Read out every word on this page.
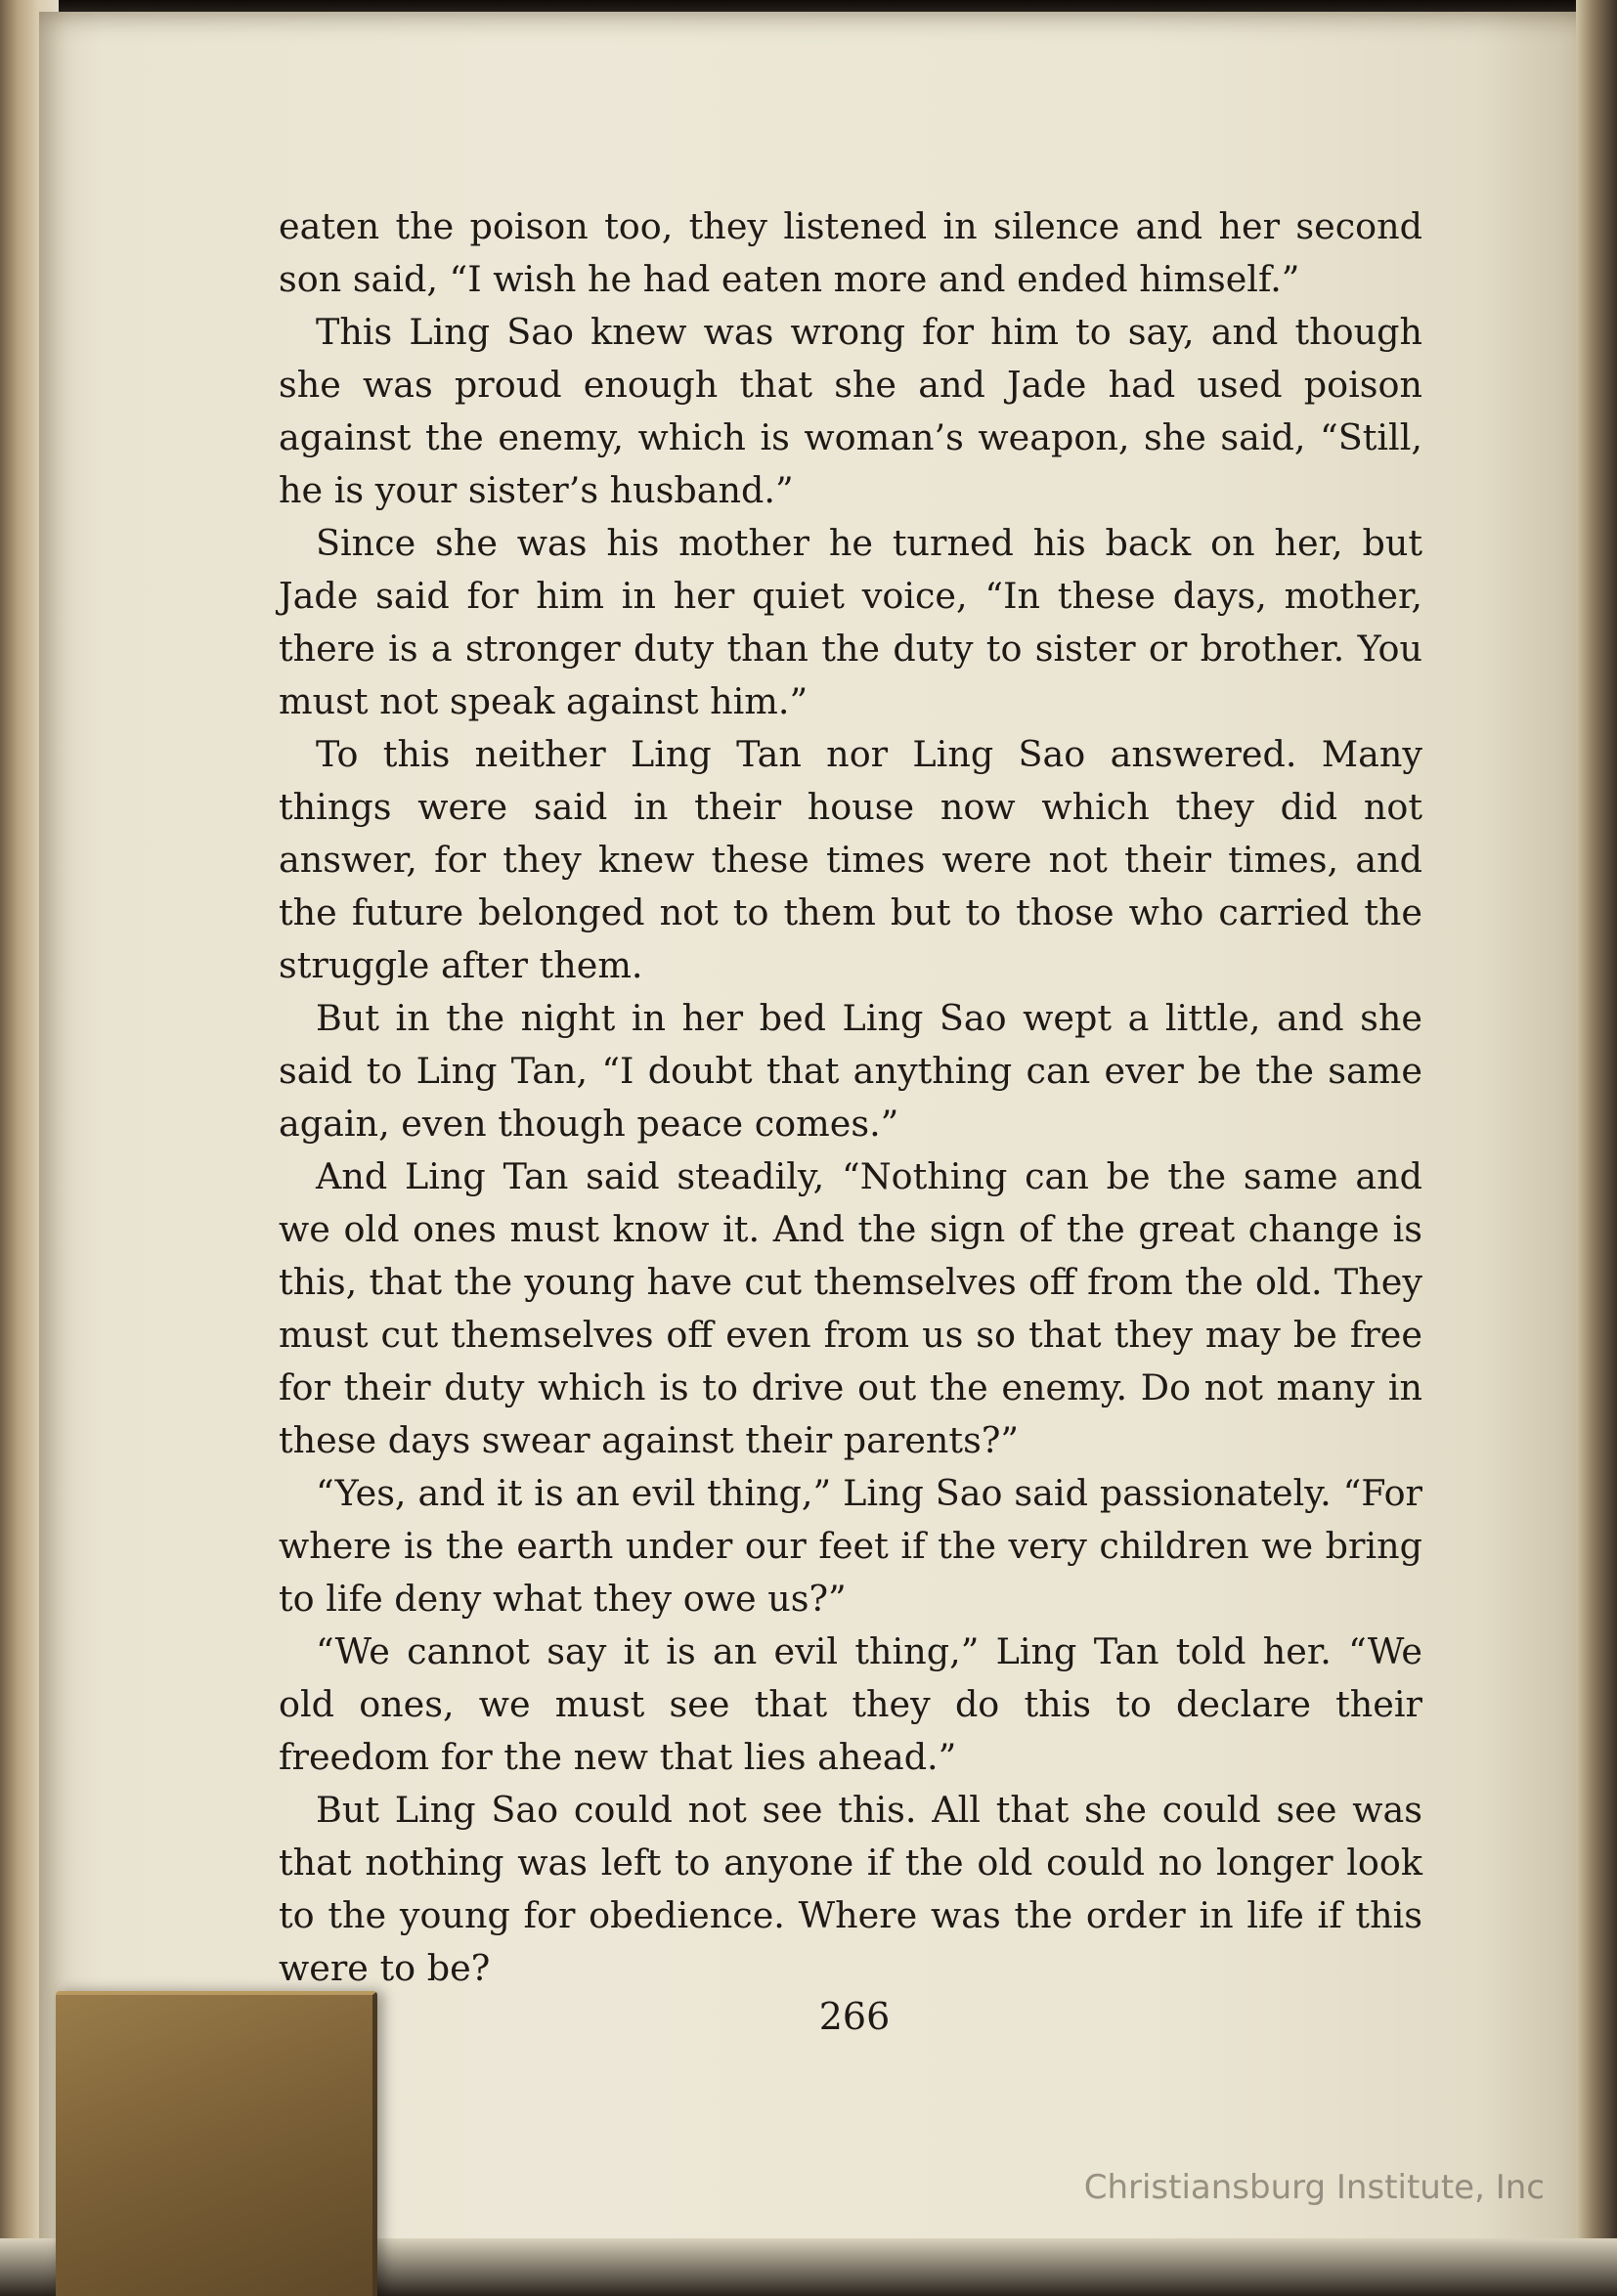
eaten the poison too, they listened in silence and her second son said, “I wish he had eaten more and ended himself.”

This Ling Sao knew was wrong for him to say, and though she was proud enough that she and Jade had used poison against the enemy, which is woman’s weapon, she said, “Still, he is your sister’s husband.”

Since she was his mother he turned his back on her, but Jade said for him in her quiet voice, “In these days, mother, there is a stronger duty than the duty to sister or brother. You must not speak against him.”

To this neither Ling Tan nor Ling Sao answered. Many things were said in their house now which they did not answer, for they knew these times were not their times, and the future belonged not to them but to those who carried the struggle after them.

But in the night in her bed Ling Sao wept a little, and she said to Ling Tan, “I doubt that anything can ever be the same again, even though peace comes.”

And Ling Tan said steadily, “Nothing can be the same and we old ones must know it. And the sign of the great change is this, that the young have cut themselves off from the old. They must cut themselves off even from us so that they may be free for their duty which is to drive out the enemy. Do not many in these days swear against their parents?”

“Yes, and it is an evil thing,” Ling Sao said passionately. “For where is the earth under our feet if the very children we bring to life deny what they owe us?”

“We cannot say it is an evil thing,” Ling Tan told her. “We old ones, we must see that they do this to declare their freedom for the new that lies ahead.”

But Ling Sao could not see this. All that she could see was that nothing was left to anyone if the old could no longer look to the young for obedience. Where was the order in life if this were to be?

266
Christiansburg Institute, Inc
